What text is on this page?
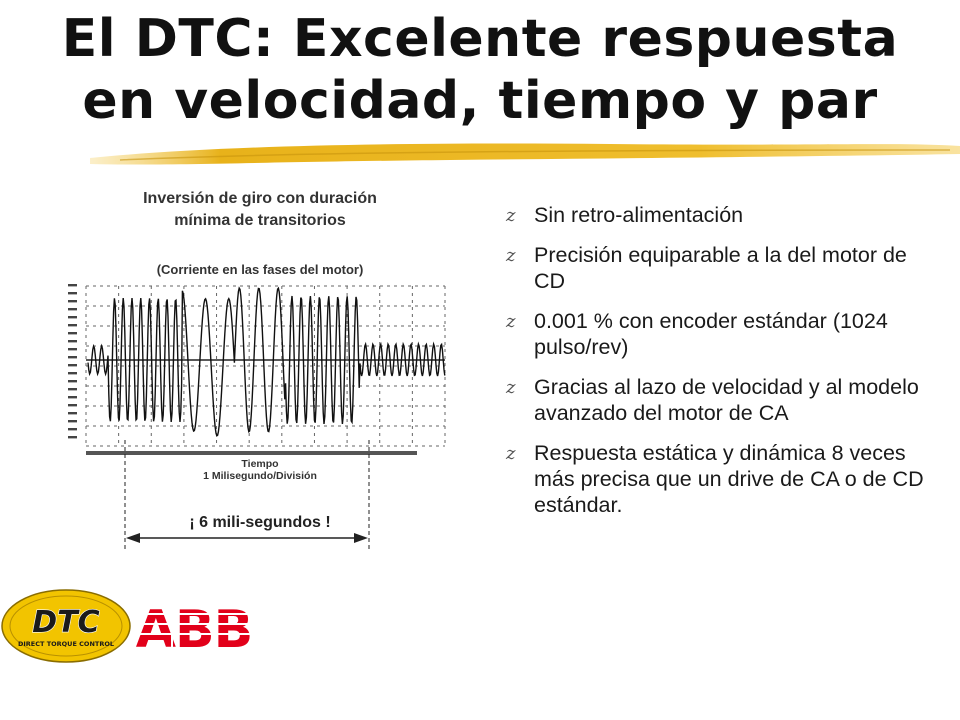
El DTC: Excelente respuesta
en velocidad, tiempo y par
Inversión de giro con duración
mínima de transitorios
(Corriente en las fases del motor)
Tiempo
1 Milisegundo/División
¡ 6 mili-segundos !
z Sin retro-alimentación
z Precisión equiparable a la del motor de CD
z 0.001 % con encoder estándar (1024 pulso/rev)
z Gracias al lazo de velocidad y al modelo avanzado del motor de CA
z Respuesta estática y dinámica 8 veces más precisa que un drive de CA o de CD estándar.
DTC
DIRECT TORQUE CONTROL ABB
